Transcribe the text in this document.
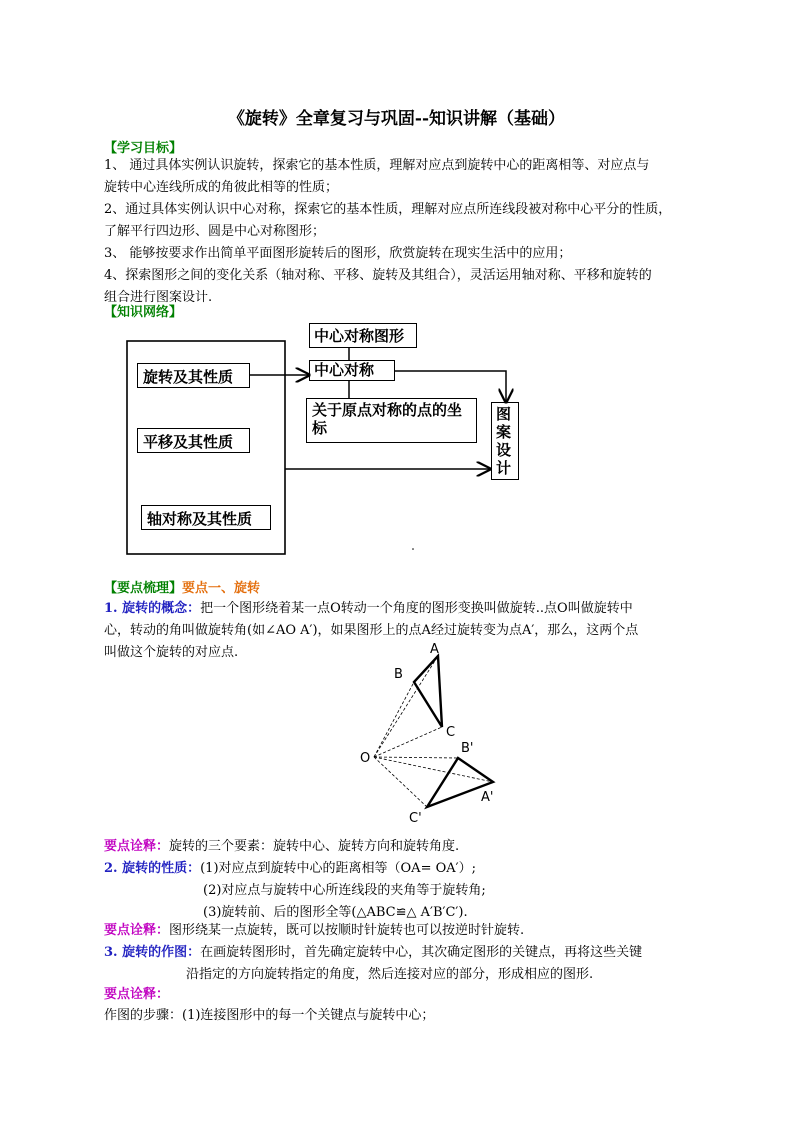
《旋转》全章复习与巩固--知识讲解（基础）
【学习目标】
1、 通过具体实例认识旋转，探索它的基本性质，理解对应点到旋转中心的距离相等、对应点与
旋转中心连线所成的角彼此相等的性质；
2、通过具体实例认识中心对称，探索它的基本性质，理解对应点所连线段被对称中心平分的性质，
了解平行四边形、圆是中心对称图形；
3、 能够按要求作出简单平面图形旋转后的图形，欣赏旋转在现实生活中的应用；
4、探索图形之间的变化关系（轴对称、平移、旋转及其组合），灵活运用轴对称、平移和旋转的
组合进行图案设计.
【知识网络】
旋转及其性质
平移及其性质
轴对称及其性质
中心对称图形
中心对称
关于原点对称的点的坐标
图案设计
【要点梳理】要点一、旋转
1. 旋转的概念：把一个图形绕着某一点O转动一个角度的图形变换叫做旋转..点O叫做旋转中
心，转动的角叫做旋转角(如∠AO A′)，如果图形上的点A经过旋转变为点A′，那么，这两个点
叫做这个旋转的对应点.	A
B
C
O
B'
A'
C'
要点诠释：旋转的三个要素：旋转中心、旋转方向和旋转角度.
2. 旋转的性质：(1)对应点到旋转中心的距离相等（OA= OA′）;
(2)对应点与旋转中心所连线段的夹角等于旋转角;
(3)旋转前、后的图形全等(△ABC≌△ A′B′C′).
要点诠释：图形绕某一点旋转，既可以按顺时针旋转也可以按逆时针旋转.
3. 旋转的作图：在画旋转图形时，首先确定旋转中心，其次确定图形的关键点，再将这些关键
沿指定的方向旋转指定的角度，然后连接对应的部分，形成相应的图形.
要点诠释：
作图的步骤：(1)连接图形中的每一个关键点与旋转中心；
